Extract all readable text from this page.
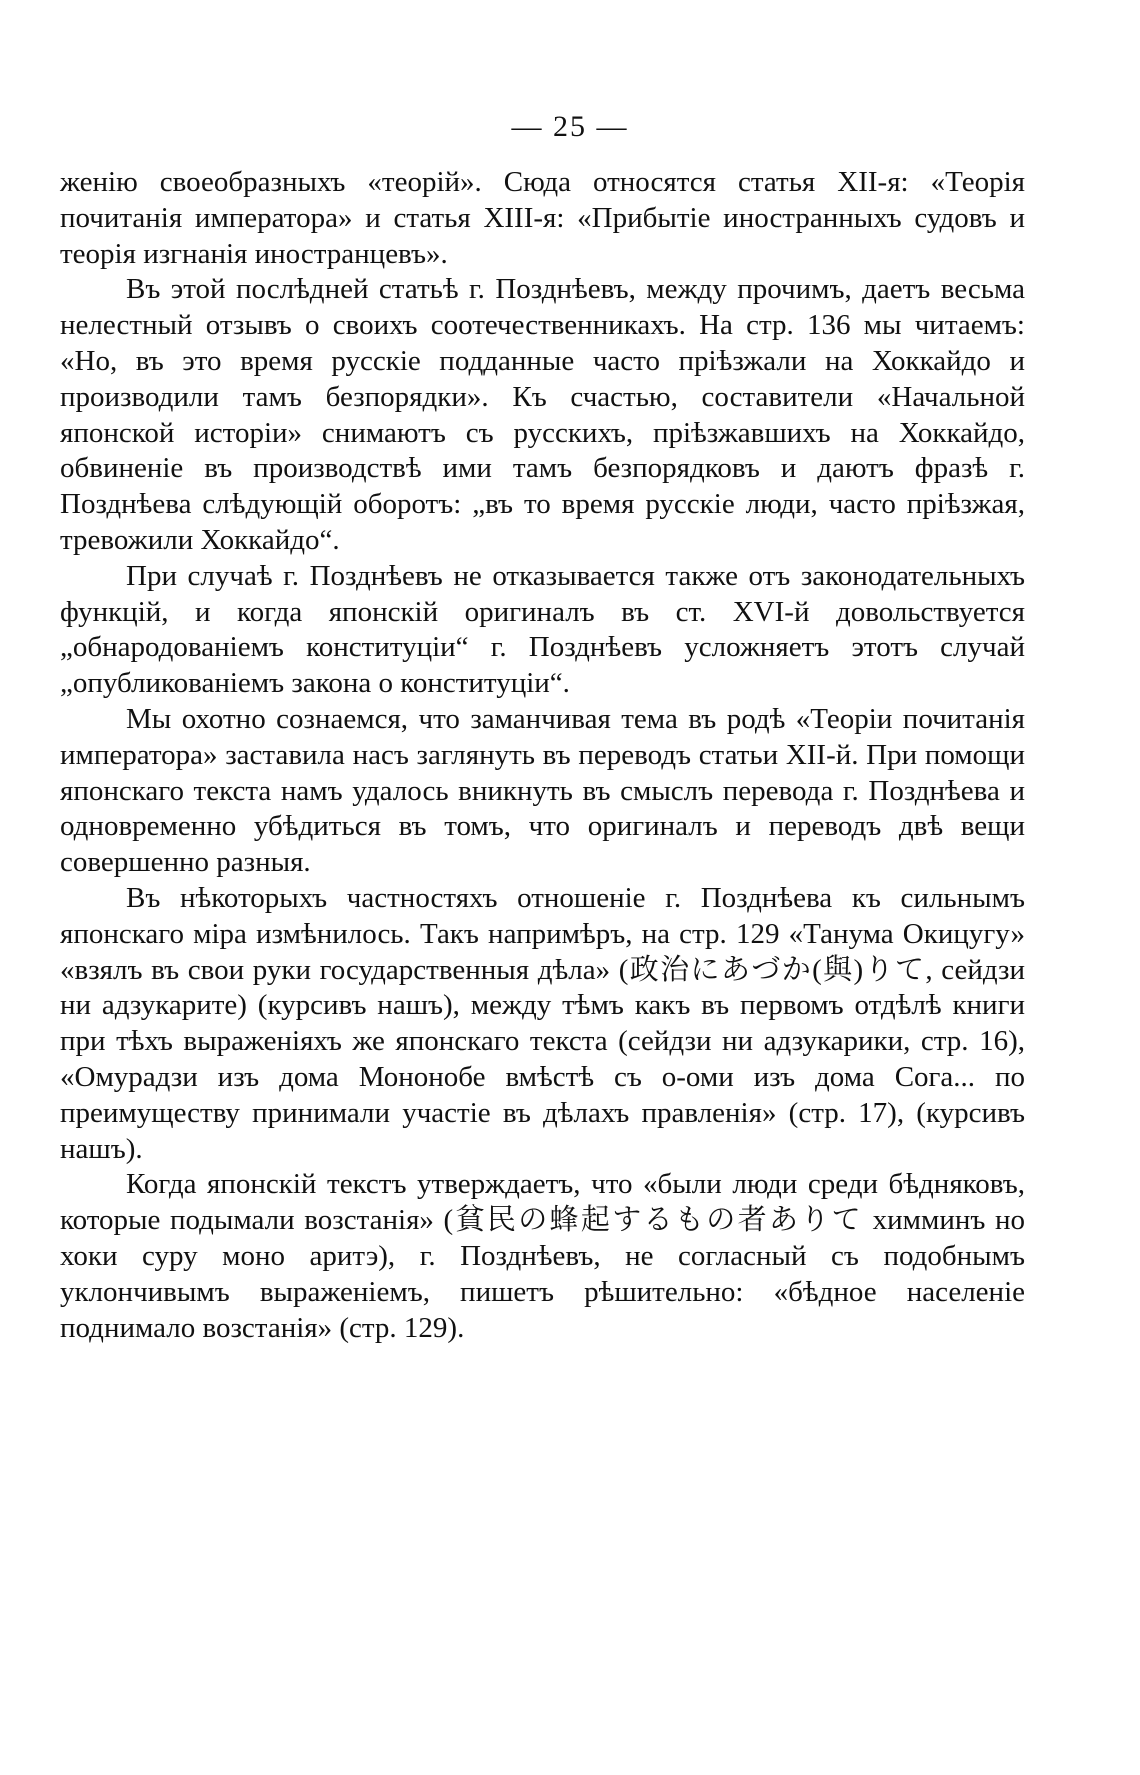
— 25 —

женію своеобразныхъ «теорій». Сюда относятся статья XII-я: «Теорія почитанія императора» и статья XIII-я: «Прибытіе иностранныхъ судовъ и теорія изгнанія иностранцевъ».

Въ этой послѣдней статьѣ г. Позднѣевъ, между прочимъ, даетъ весьма нелестный отзывъ о своихъ соотечественникахъ. На стр. 136 мы читаемъ: «Но, въ это время русскіе подданные часто пріѣзжали на Хоккайдо и производили тамъ безпорядки». Къ счастью, составители «Начальной японской исторіи» снимаютъ съ русскихъ, пріѣзжавшихъ на Хоккайдо, обвиненіе въ производствѣ ими тамъ безпорядковъ и даютъ фразѣ г. Позднѣева слѣдующій оборотъ: „въ то время русскіе люди, часто пріѣзжая, тревожили Хоккайдо“.

При случаѣ г. Позднѣевъ не отказывается также отъ законодательныхъ функцій, и когда японскій оригиналъ въ ст. XVI-й довольствуется „обнародованіемъ конституціи“ г. Позднѣевъ усложняетъ этотъ случай „опубликованіемъ закона о конституціи“.

Мы охотно сознаемся, что заманчивая тема въ родѣ «Теоріи почитанія императора» заставила насъ заглянуть въ переводъ статьи XII-й. При помощи японскаго текста намъ удалось вникнуть въ смыслъ перевода г. Позднѣева и одновременно убѣдиться въ томъ, что оригиналъ и переводъ двѣ вещи совершенно разныя.

Въ нѣкоторыхъ частностяхъ отношеніе г. Позднѣева къ сильнымъ японскаго міра измѣнилось. Такъ напримѣръ, на стр. 129 «Танума Окицугу» «взялъ въ свои руки государственныя дѣла» (政治にあづか(與)りて, сейдзи ни адзукарите) (курсивъ нашъ), между тѣмъ какъ въ первомъ отдѣлѣ книги при тѣхъ выраженіяхъ же японскаго текста (сейдзи ни адзукарики, стр. 16), «Омурадзи изъ дома Мононобе вмѣстѣ съ о-оми изъ дома Сога... по преимуществу принимали участіе въ дѣлахъ правленія» (стр. 17), (курсивъ нашъ).

Когда японскій текстъ утверждаетъ, что «были люди среди бѣдняковъ, которые подымали возстанія» (貧民の蜂起するもの者ありて химминъ но хоки суру моно аритэ), г. Позднѣевъ, не согласный съ подобнымъ уклончивымъ выраженіемъ, пишетъ рѣшительно: «бѣдное населеніе поднимало возстанія» (стр. 129).
